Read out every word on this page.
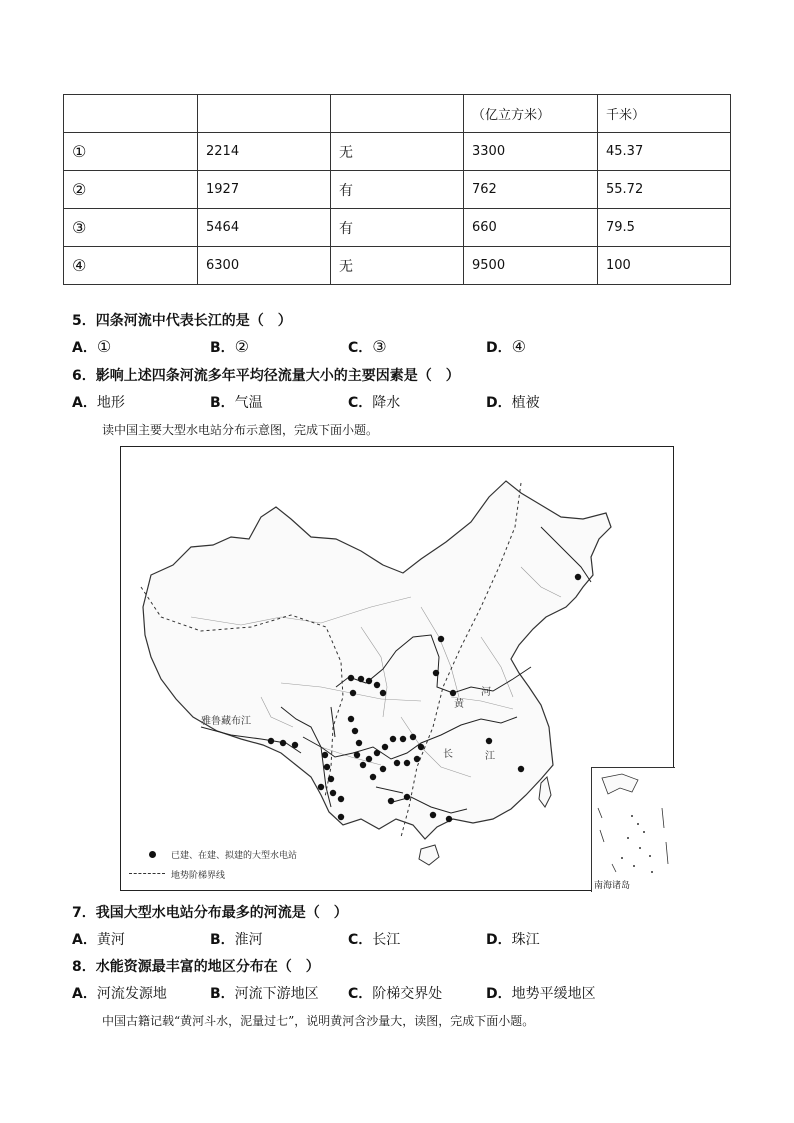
			（亿立方米）	千米）
①	2214	无	3300	45.37
②	1927	有	762	55.72
③	5464	有	660	79.5
④	6300	无	9500	100
5．四条河流中代表长江的是（　）
A．①	B．②	C．③	D．④
6．影响上述四条河流多年平均径流量大小的主要因素是（　）
A．地形	B．气温	C．降水	D．植被
读中国主要大型水电站分布示意图，完成下面小题。
雅鲁藏布江
黄
河
长	江
已建、在建、拟建的大型水电站
地势阶梯界线
南海诸岛
7．我国大型水电站分布最多的河流是（　）
A．黄河	B．淮河	C．长江	D．珠江
8．水能资源最丰富的地区分布在（　）
A．河流发源地	B．河流下游地区 C．阶梯交界处	D．地势平缓地区
中国古籍记载“黄河斗水，泥量过七”，说明黄河含沙量大，读图，完成下面小题。
